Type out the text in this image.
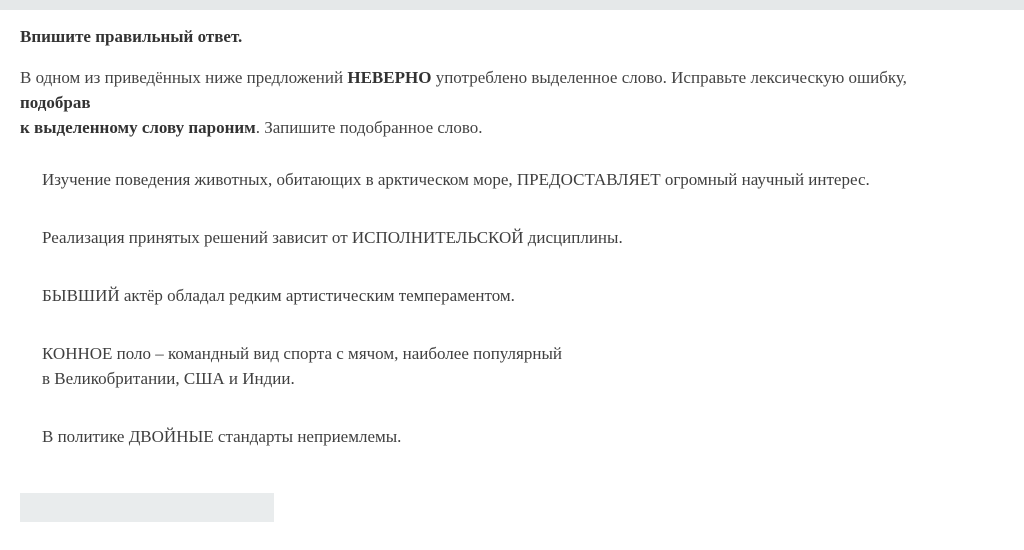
Впишите правильный ответ.

В одном из приведённых ниже предложений НЕВЕРНО употреблено выделенное слово. Исправьте лексическую ошибку,
подобрав
к выделенному слову пароним. Запишите подобранное слово.

Изучение поведения животных, обитающих в арктическом море, ПРЕДОСТАВЛЯЕТ огромный научный интерес.
Реализация принятых решений зависит от ИСПОЛНИТЕЛЬСКОЙ дисциплины.
БЫВШИЙ актёр обладал редким артистическим темпераментом.
КОННОЕ поло – командный вид спорта с мячом, наиболее популярный
в Великобритании, США и Индии.
В политике ДВОЙНЫЕ стандарты неприемлемы.
